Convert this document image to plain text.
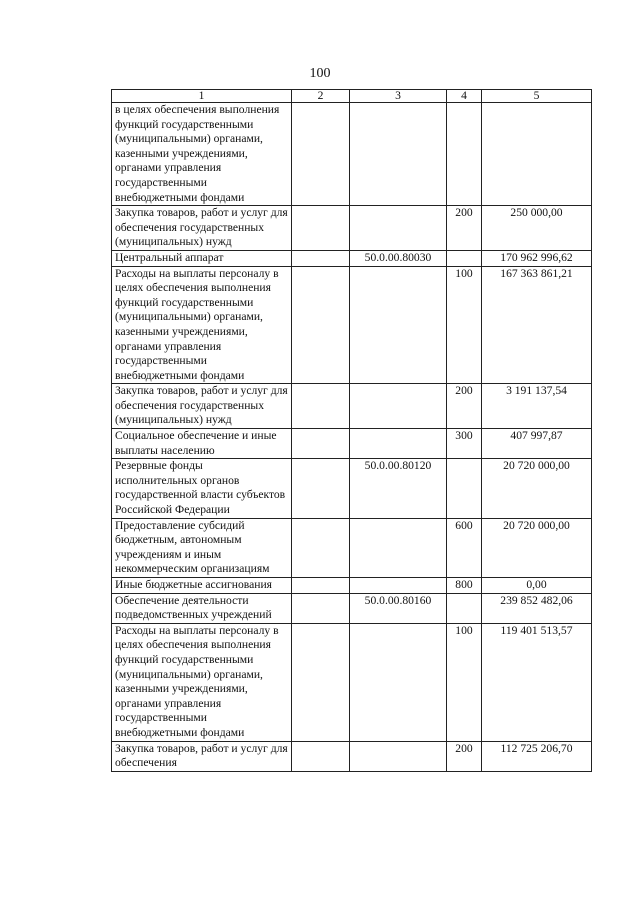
100
1	2	3	4	5
в целях обеспечения выполнения функций государственными (муниципальными) органами, казенными учреждениями, органами управления государственными внебюджетными фондами				
Закупка товаров, работ и услуг для обеспечения государственных (муниципальных) нужд			200	250 000,00
Центральный аппарат		50.0.00.80030		170 962 996,62
Расходы на выплаты персоналу в целях обеспечения выполнения функций государственными (муниципальными) органами, казенными учреждениями, органами управления государственными внебюджетными фондами			100	167 363 861,21
Закупка товаров, работ и услуг для обеспечения государственных (муниципальных) нужд			200	3 191 137,54
Социальное обеспечение и иные выплаты населению			300	407 997,87
Резервные фонды исполнительных органов государственной власти субъектов Российской Федерации		50.0.00.80120		20 720 000,00
Предоставление субсидий бюджетным, автономным учреждениям и иным некоммерческим организациям			600	20 720 000,00
Иные бюджетные ассигнования			800	0,00
Обеспечение деятельности подведомственных учреждений		50.0.00.80160		239 852 482,06
Расходы на выплаты персоналу в целях обеспечения выполнения функций государственными (муниципальными) органами, казенными учреждениями, органами управления государственными внебюджетными фондами			100	119 401 513,57
Закупка товаров, работ и услуг для обеспечения			200	112 725 206,70
